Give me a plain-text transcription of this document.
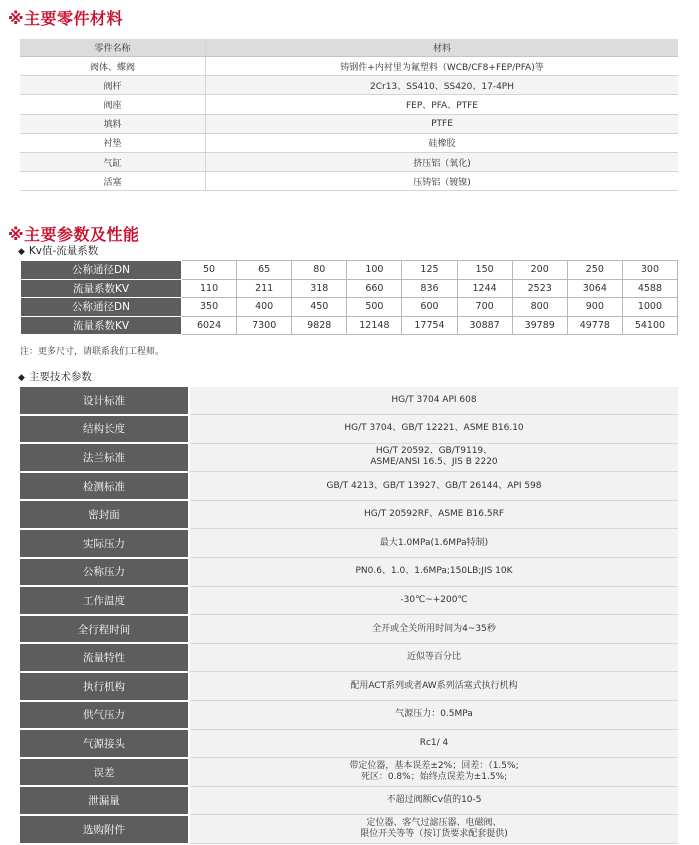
※主要零件材料
零件名称	材料
阀体、蝶阀	铸钢件+内衬里为氟塑料（WCB/CF8+FEP/PFA)等
阀杆	2Cr13、SS410、SS420、17-4PH
阀座	FEP、PFA、PTFE
填料	PTFE
衬垫	硅橡胶
气缸	挤压铝（氧化)
活塞	压铸铝（镀镍)
※主要参数及性能
◆ Kv值-流量系数
公称通径DN	50	65	80	100	125	150	200	250	300
流量系数KV	110	211	318	660	836	1244	2523	3064	4588
公称通径DN	350	400	450	500	600	700	800	900	1000
流量系数KV	6024	7300	9828	12148	17754	30887	39789	49778	54100
注：更多尺寸，请联系我们工程师。
◆ 主要技术参数
设计标准	HG/T 3704 API 608

结构长度	HG/T 3704、GB/T 12221、ASME B16.10

法兰标准	HG/T 20592、GB/T9119、
ASME/ANSI 16.5、JIS B 2220

检测标准	GB/T 4213、GB/T 13927、GB/T 26144、API 598

密封面	HG/T 20592RF、ASME B16.5RF

实际压力	最大1.0MPa(1.6MPa特制)

公称压力	PN0.6、1.0、1.6MPa;150LB;JIS 10K

工作温度	-30℃~+200℃

全行程时间	全开或全关所用时间为4~35秒

流量特性	近似等百分比

执行机构	配用ACT系列或者AW系列活塞式执行机构

供气压力	气源压力：0.5MPa

气源接头	Rc1/ 4

误差	带定位器，基本误差±2%；回差：（1.5%;
死区：0.8%；始终点误差为±1.5%;

泄漏量	不超过阀额Cv值的10-5

选购附件	定位器、客气过滤压器、电磁阀、
限位开关等等（按订货要求配套提供)
